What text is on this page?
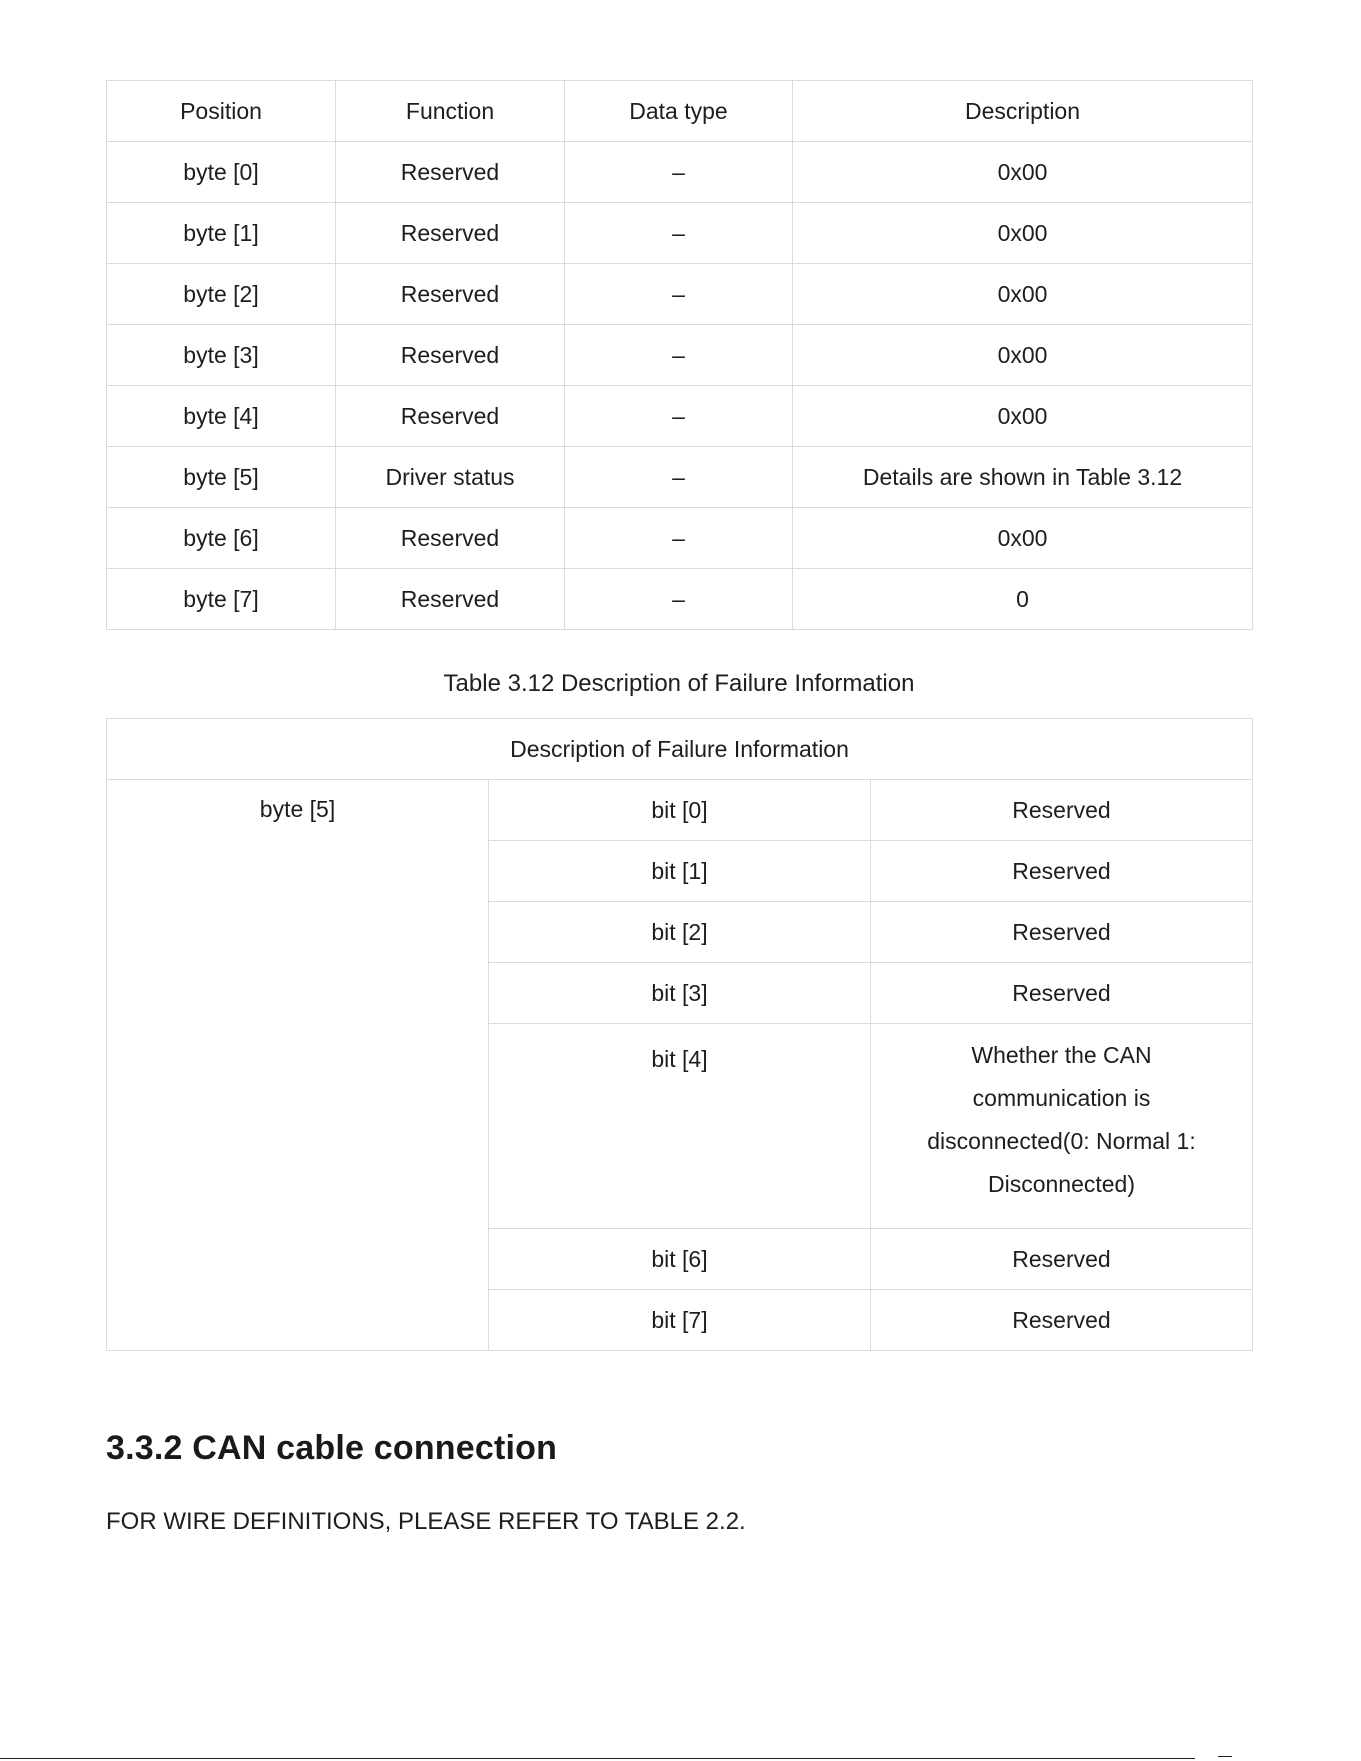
Position	Function	Data type	Description
byte [0]	Reserved	–	0x00
byte [1]	Reserved	–	0x00
byte [2]	Reserved	–	0x00
byte [3]	Reserved	–	0x00
byte [4]	Reserved	–	0x00
byte [5]	Driver status	–	Details are shown in Table 3.12
byte [6]	Reserved	–	0x00
byte [7]	Reserved	–	0
Table 3.12 Description of Failure Information
Description of Failure Information		
byte [5]	bit [0]	Reserved
	bit [1]	Reserved
	bit [2]	Reserved
	bit [3]	Reserved
	bit [4]	Whether the CAN communication is disconnected(0: Normal 1: Disconnected)
	bit [6]	Reserved
	bit [7]	Reserved
3.3.2 CAN cable connection

FOR WIRE DEFINITIONS, PLEASE REFER TO TABLE 2.2.
